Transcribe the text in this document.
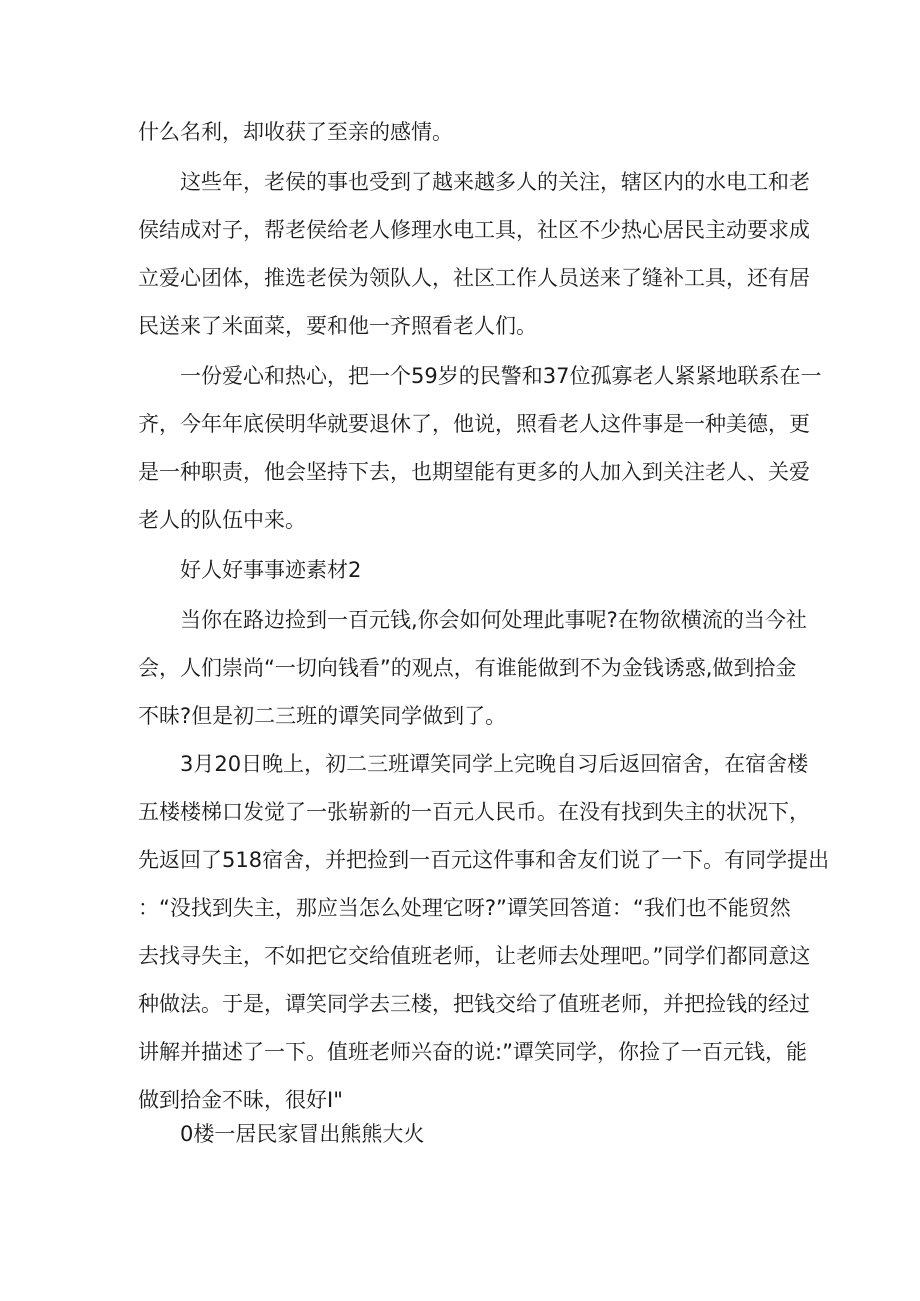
什么名利，却收获了至亲的感情。
这些年，老侯的事也受到了越来越多人的关注，辖区内的水电工和老
侯结成对子，帮老侯给老人修理水电工具，社区不少热心居民主动要求成
立爱心团体，推选老侯为领队人，社区工作人员送来了缝补工具，还有居
民送来了米面菜，要和他一齐照看老人们。
一份爱心和热心，把一个59岁的民警和37位孤寡老人紧紧地联系在一
齐，今年年底侯明华就要退休了，他说，照看老人这件事是一种美德，更
是一种职责，他会坚持下去，也期望能有更多的人加入到关注老人、关爱
老人的队伍中来。
好人好事事迹素材2
当你在路边捡到一百元钱,你会如何处理此事呢?在物欲横流的当今社
会，人们崇尚“一切向钱看”的观点，有谁能做到不为金钱诱惑,做到拾金
不昧?但是初二三班的谭笑同学做到了。
3月20日晚上，初二三班谭笑同学上完晚自习后返回宿舍，在宿舍楼
五楼楼梯口发觉了一张崭新的一百元人民币。在没有找到失主的状况下，
先返回了518宿舍，并把捡到一百元这件事和舍友们说了一下。有同学提出
：“没找到失主，那应当怎么处理它呀?”谭笑回答道：“我们也不能贸然
去找寻失主，不如把它交给值班老师，让老师去处理吧。”同学们都同意这
种做法。于是，谭笑同学去三楼，把钱交给了值班老师，并把捡钱的经过
讲解并描述了一下。值班老师兴奋的说:”谭笑同学，你捡了一百元钱，能
做到拾金不昧，很好I"
0楼一居民家冒出熊熊大火
